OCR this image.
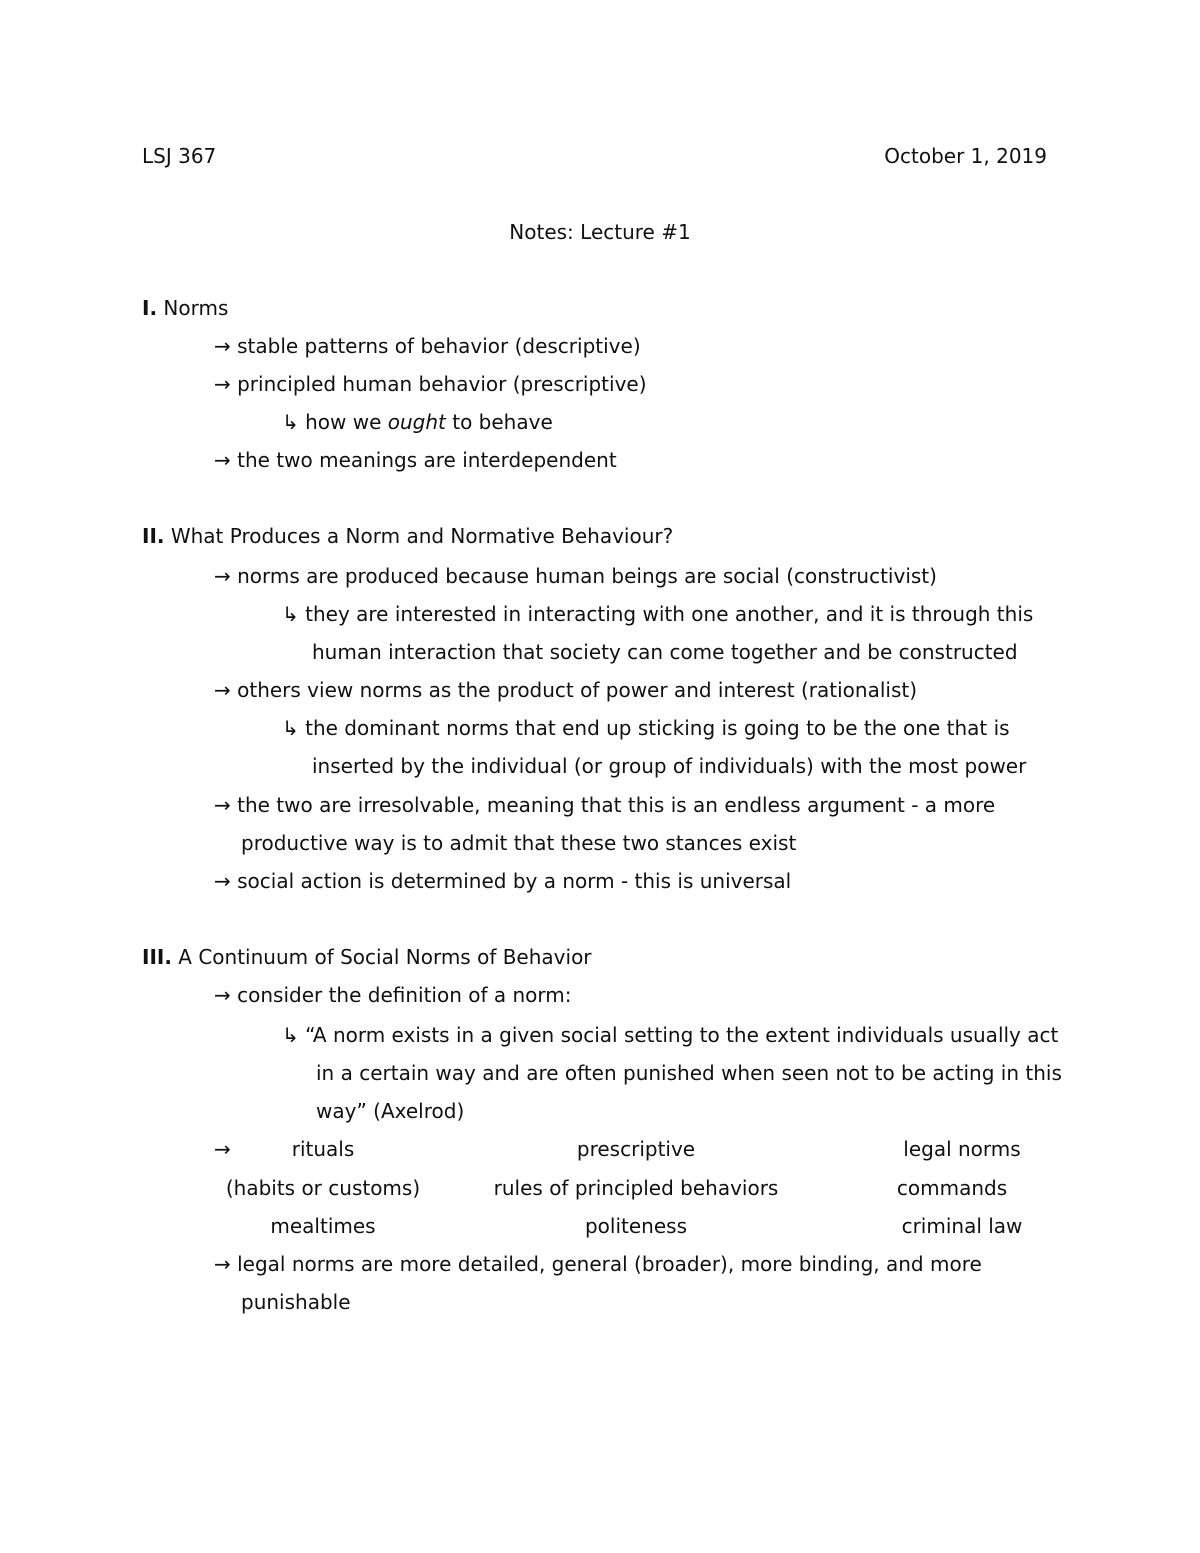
LSJ 367	October 1, 2019
Notes: Lecture #1
I. Norms
→ stable patterns of behavior (descriptive)
→ principled human behavior (prescriptive)
↳ how we ought to behave
→ the two meanings are interdependent
II. What Produces a Norm and Normative Behaviour?
→ norms are produced because human beings are social (constructivist)
↳ they are interested in interacting with one another, and it is through this
human interaction that society can come together and be constructed
→ others view norms as the product of power and interest (rationalist)
↳ the dominant norms that end up sticking is going to be the one that is
inserted by the individual (or group of individuals) with the most power
→ the two are irresolvable, meaning that this is an endless argument - a more
productive way is to admit that these two stances exist
→ social action is determined by a norm - this is universal
III. A Continuum of Social Norms of Behavior
→ consider the definition of a norm:
↳ “A norm exists in a given social setting to the extent individuals usually act
in a certain way and are often punished when seen not to be acting in this
way” (Axelrod)
→	rituals
(habits or customs)
mealtimes
prescriptive
rules of principled behaviors
politeness
legal norms
commands
criminal law
→ legal norms are more detailed, general (broader), more binding, and more
punishable
